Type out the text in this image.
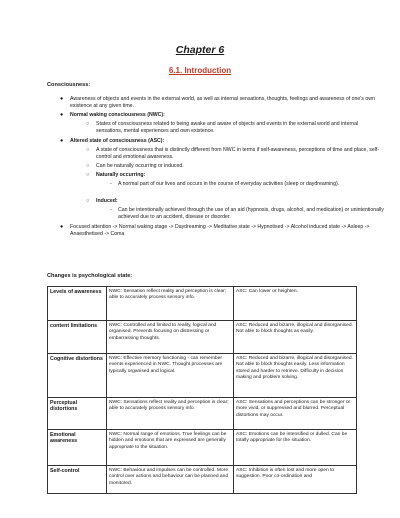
Chapter 6
6.1. Introduction
Consciousness:
● Awareness of objects and events in the external world, as well as internal sensations, thoughts, feelings and awareness of one's own existence at any given time.
● Normal waking consciousness (NWC):
○ States of consciousness related to being awake and aware of objects and events in the external world and internal sensations, mental experiences and own existence.
● Altered state of consciousness (ASC):
○ A state of consciousness that is distinctly different from NWC in terms if self-awareness, perceptions of time and place, self-control and emotional awareness.
○ Can be naturally occurring or induced.
○ Naturally occurring:
- A normal part of our lives and occurs in the course of everyday activities (sleep or daydreaming).
○ Induced:
- Can be intentionally achieved through the use of an aid (hypnosis, drugs, alcohol, and medication) or unintentionally achieved due to an accident, disease or disorder.
● Focused attention -> Normal waking stage -> Daydreaming -> Meditative state -> Hypnotised -> Alcohol induced state -> Asleep -> Anaesthetised -> Coma
Changes is psychological state:
Levels of awareness	NWC: Sensation reflect reality and perception is clear; able to accurately process sensory info.	ASC: Can lower or heighten.
content limitations	NWC: Controlled and limited to reality, logical and organised. Prevents focusing on distressing or embarrassing thoughts.	ASC: Reduced and bizarre, illogical and disorganised. Not able to block thoughts as easily.
Cognitive distortions	NWC: Effective memory functioning - can remember events experienced in NWC. Thought processes are typically organised and logical.	ASC: Reduced and bizarre, illogical and disorganised. Not able to block thoughts easily. Less information stored and harder to retrieve. Difficulty in decision making and problem solving.
Perceptual distortions	NWC: Sensations reflect reality and perception is clear; able to accurately process sensory info.	ASC: Sensations and perceptions can be stronger or more vivid, or suppressed and blurred. Perceptual distortions may occur.
Emotional awareness	NWC: Normal range of emotions. True feelings can be hidden and emotions that are expressed are generally appropriate to the situation.	ASC: Emotions can be intensified or dulled. Can be totally appropriate for the situation.
Self-control	NWC: Behaviour and impulses can be controlled. More control over actions and behaviour can be planned and monitored.	ASC: Inhibition is often lost and more open to suggestion. Poor co-ordination and
